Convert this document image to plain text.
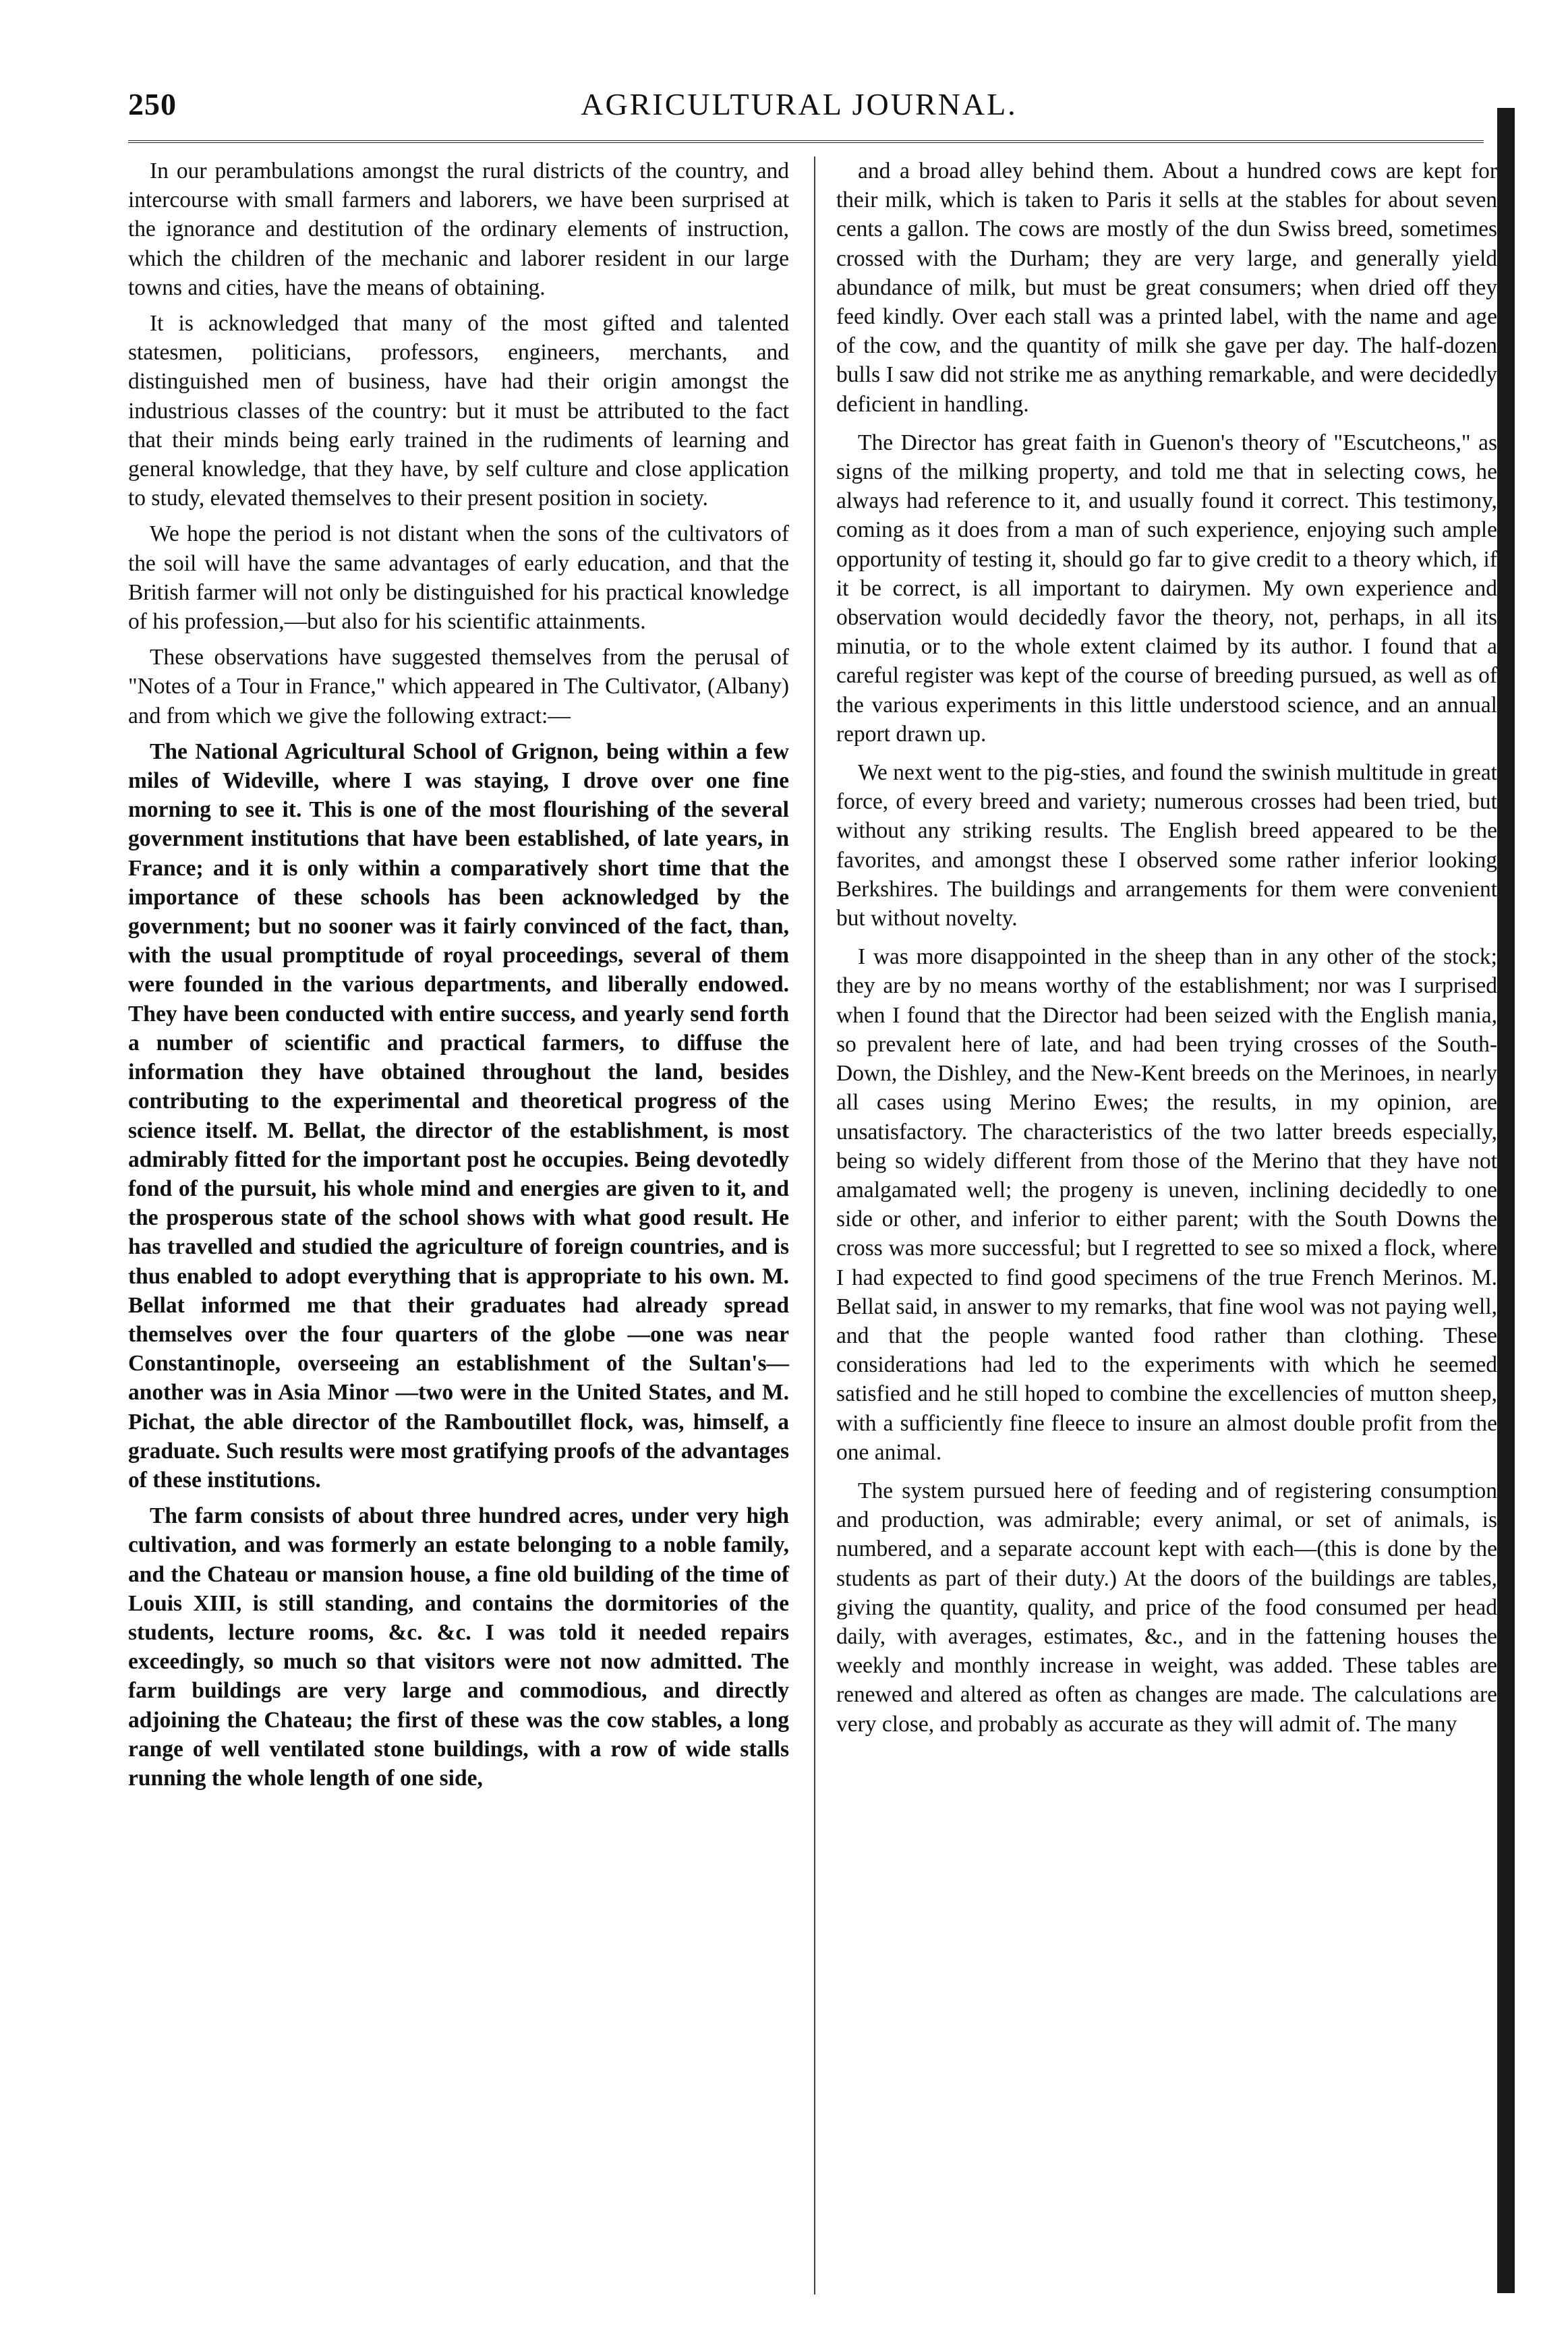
250	AGRICULTURAL JOURNAL.

In our perambulations amongst the rural districts of the country, and intercourse with small farmers and laborers, we have been surprised at the ignorance and destitution of the ordinary elements of instruction, which the children of the mechanic and laborer resident in our large towns and cities, have the means of obtaining.

It is acknowledged that many of the most gifted and talented statesmen, politicians, professors, engineers, merchants, and distinguished men of business, have had their origin amongst the industrious classes of the country: but it must be attributed to the fact that their minds being early trained in the rudiments of learning and general knowledge, that they have, by self culture and close application to study, elevated themselves to their present position in society.

We hope the period is not distant when the sons of the cultivators of the soil will have the same advantages of early education, and that the British farmer will not only be distinguished for his practical knowledge of his profession,—but also for his scientific attainments.

These observations have suggested themselves from the perusal of "Notes of a Tour in France," which appeared in The Cultivator, (Albany) and from which we give the following extract:—

The National Agricultural School of Grignon, being within a few miles of Wideville, where I was staying, I drove over one fine morning to see it. This is one of the most flourishing of the several government institutions that have been established, of late years, in France; and it is only within a comparatively short time that the importance of these schools has been acknowledged by the government; but no sooner was it fairly convinced of the fact, than, with the usual promptitude of royal proceedings, several of them were founded in the various departments, and liberally endowed. They have been conducted with entire success, and yearly send forth a number of scientific and practical farmers, to diffuse the information they have obtained throughout the land, besides contributing to the experimental and theoretical progress of the science itself. M. Bellat, the director of the establishment, is most admirably fitted for the important post he occupies. Being devotedly fond of the pursuit, his whole mind and energies are given to it, and the prosperous state of the school shows with what good result. He has travelled and studied the agriculture of foreign countries, and is thus enabled to adopt everything that is appropriate to his own. M. Bellat informed me that their graduates had already spread themselves over the four quarters of the globe —one was near Constantinople, overseeing an establishment of the Sultan's—another was in Asia Minor —two were in the United States, and M. Pichat, the able director of the Ramboutillet flock, was, himself, a graduate. Such results were most gratifying proofs of the advantages of these institutions.

The farm consists of about three hundred acres, under very high cultivation, and was formerly an estate belonging to a noble family, and the Chateau or mansion house, a fine old building of the time of Louis XIII, is still standing, and contains the dormitories of the students, lecture rooms, &c. &c. I was told it needed repairs exceedingly, so much so that visitors were not now admitted. The farm buildings are very large and commodious, and directly adjoining the Chateau; the first of these was the cow stables, a long range of well ventilated stone buildings, with a row of wide stalls running the whole length of one side,

and a broad alley behind them. About a hundred cows are kept for their milk, which is taken to Paris it sells at the stables for about seven cents a gallon. The cows are mostly of the dun Swiss breed, sometimes crossed with the Durham; they are very large, and generally yield abundance of milk, but must be great consumers; when dried off they feed kindly. Over each stall was a printed label, with the name and age of the cow, and the quantity of milk she gave per day. The half-dozen bulls I saw did not strike me as anything remarkable, and were decidedly deficient in handling.

The Director has great faith in Guenon's theory of "Escutcheons," as signs of the milking property, and told me that in selecting cows, he always had reference to it, and usually found it correct. This testimony, coming as it does from a man of such experience, enjoying such ample opportunity of testing it, should go far to give credit to a theory which, if it be correct, is all important to dairymen. My own experience and observation would decidedly favor the theory, not, perhaps, in all its minutia, or to the whole extent claimed by its author. I found that a careful register was kept of the course of breeding pursued, as well as of the various experiments in this little understood science, and an annual report drawn up.

We next went to the pig-sties, and found the swinish multitude in great force, of every breed and variety; numerous crosses had been tried, but without any striking results. The English breed appeared to be the favorites, and amongst these I observed some rather inferior looking Berkshires. The buildings and arrangements for them were convenient but without novelty.

I was more disappointed in the sheep than in any other of the stock; they are by no means worthy of the establishment; nor was I surprised when I found that the Director had been seized with the English mania, so prevalent here of late, and had been trying crosses of the South-Down, the Dishley, and the New-Kent breeds on the Merinoes, in nearly all cases using Merino Ewes; the results, in my opinion, are unsatisfactory. The characteristics of the two latter breeds especially, being so widely different from those of the Merino that they have not amalgamated well; the progeny is uneven, inclining decidedly to one side or other, and inferior to either parent; with the South Downs the cross was more successful; but I regretted to see so mixed a flock, where I had expected to find good specimens of the true French Merinos. M. Bellat said, in answer to my remarks, that fine wool was not paying well, and that the people wanted food rather than clothing. These considerations had led to the experiments with which he seemed satisfied and he still hoped to combine the excellencies of mutton sheep, with a sufficiently fine fleece to insure an almost double profit from the one animal.

The system pursued here of feeding and of registering consumption and production, was admirable; every animal, or set of animals, is numbered, and a separate account kept with each—(this is done by the students as part of their duty.) At the doors of the buildings are tables, giving the quantity, quality, and price of the food consumed per head daily, with averages, estimates, &c., and in the fattening houses the weekly and monthly increase in weight, was added. These tables are renewed and altered as often as changes are made. The calculations are very close, and probably as accurate as they will admit of. The many
